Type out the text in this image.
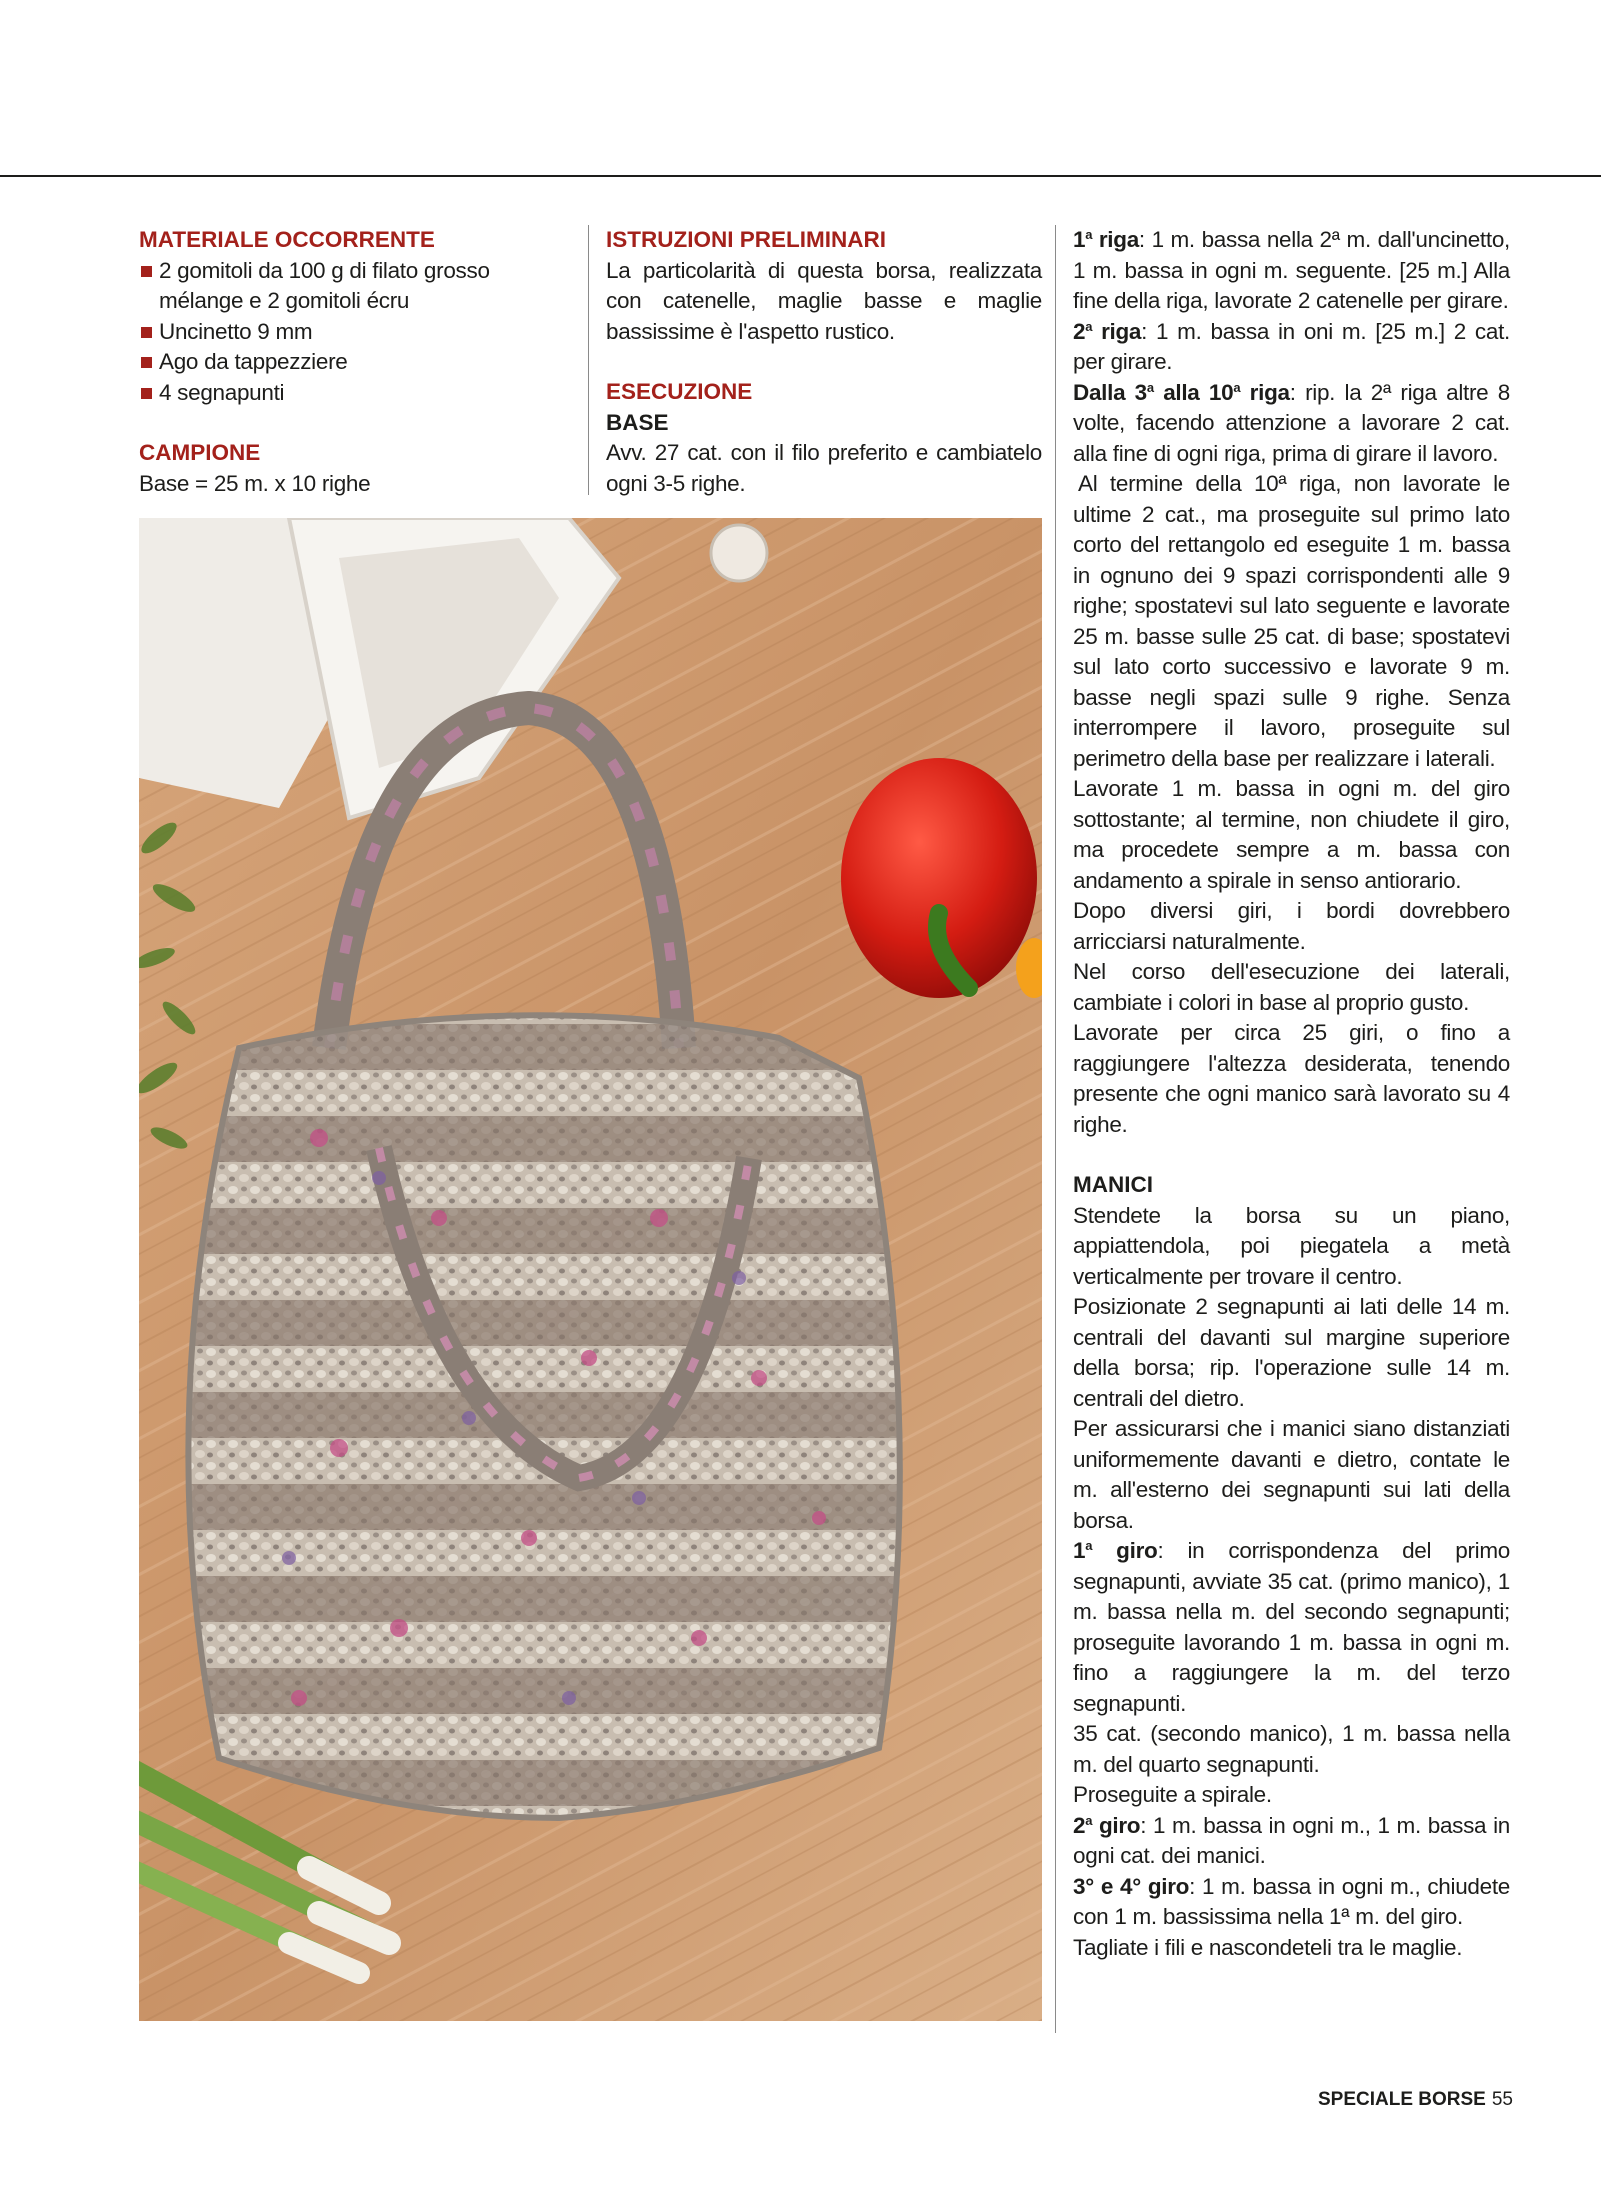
MATERIALE OCCORRENTE
2 gomitoli da 100 g di filato grosso mélange e 2 gomitoli écru
Uncinetto 9 mm
Ago da tappezziere
4 segnapunti
CAMPIONE
Base = 25 m. x 10 righe
ISTRUZIONI PRELIMINARI
La particolarità di questa borsa, realizzata con catenelle, maglie basse e maglie bassissime è l'aspetto rustico.
ESECUZIONE
BASE
Avv. 27 cat. con il filo preferito e cambiatelo ogni 3-5 righe.
1$^a$ riga: 1 m. bassa nella 2ª m. dall'uncinetto, 1 m. bassa in ogni m. seguente. [25 m.] Alla fine della riga, lavorate 2 catenelle per girare.
2$^a$ riga: 1 m. bassa in oni m. [25 m.] 2 cat. per girare.
Dalla 3$^a$ alla 10$^a$ riga: rip. la 2ª riga altre 8 volte, facendo attenzione a lavorare 2 cat. alla fine di ogni riga, prima di girare il lavoro.
Al termine della 10ª riga, non lavorate le ultime 2 cat., ma proseguite sul primo lato corto del rettangolo ed eseguite 1 m. bassa in ognuno dei 9 spazi corrispondenti alle 9 righe; spostatevi sul lato seguente e lavorate 25 m. basse sulle 25 cat. di base; spostatevi sul lato corto successivo e lavorate 9 m. basse negli spazi sulle 9 righe. Senza interrompere il lavoro, proseguite sul perimetro della base per realizzare i laterali.
Lavorate 1 m. bassa in ogni m. del giro sottostante; al termine, non chiudete il giro, ma procedete sempre a m. bassa con andamento a spirale in senso antiorario.
Dopo diversi giri, i bordi dovrebbero arricciarsi naturalmente.
Nel corso dell'esecuzione dei laterali, cambiate i colori in base al proprio gusto.
Lavorate per circa 25 giri, o fino a raggiungere l'altezza desiderata, tenendo presente che ogni manico sarà lavorato su 4 righe.
MANICI
Stendete la borsa su un piano, appiattendola, poi piegatela a metà verticalmente per trovare il centro.
Posizionate 2 segnapunti ai lati delle 14 m. centrali del davanti sul margine superiore della borsa; rip. l'operazione sulle 14 m. centrali del dietro.
Per assicurarsi che i manici siano distanziati uniformemente davanti e dietro, contate le m. all'esterno dei segnapunti sui lati della borsa.
1$^a$ giro: in corrispondenza del primo segnapunti, avviate 35 cat. (primo manico), 1 m. bassa nella m. del secondo segnapunti; proseguite lavorando 1 m. bassa in ogni m. fino a raggiungere la m. del terzo segnapunti.
35 cat. (secondo manico), 1 m. bassa nella m. del quarto segnapunti.
Proseguite a spirale.
2$^a$ giro: 1 m. bassa in ogni m., 1 m. bassa in ogni cat. dei manici.
3° e 4° giro: 1 m. bassa in ogni m., chiudete con 1 m. bassissima nella 1ª m. del giro.
Tagliate i fili e nascondeteli tra le maglie.
SPECIALE BORSE 55
